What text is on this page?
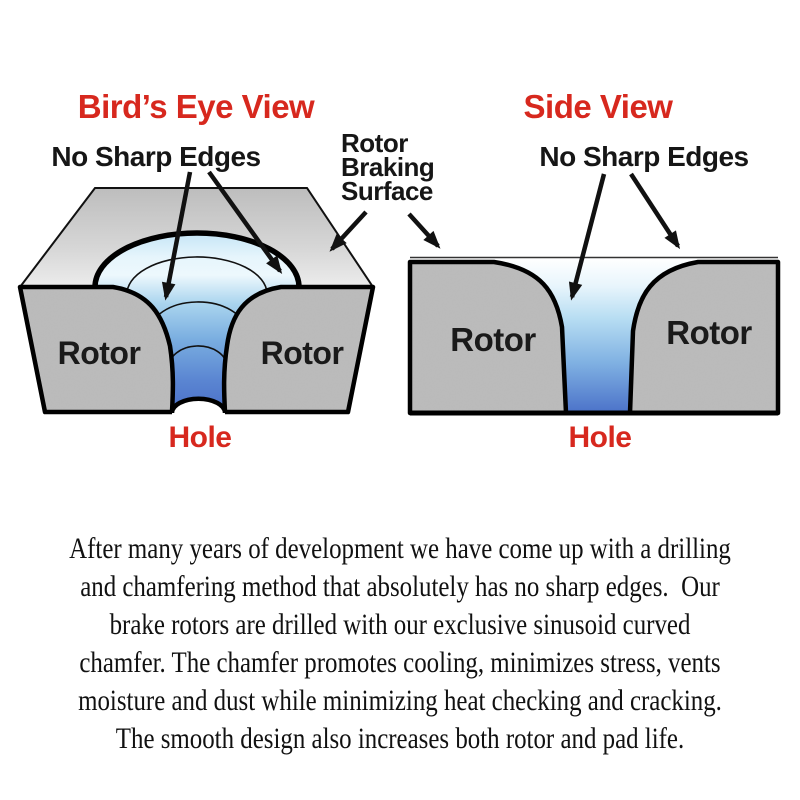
Rotor	Rotor
Hole
Rotor	Rotor
Hole
Bird’s Eye View	Side View
No Sharp Edges	No Sharp Edges
Rotor
Braking
Surface
After many years of development we have come up with a drilling
and chamfering method that absolutely has no sharp edges.  Our
brake rotors are drilled with our exclusive sinusoid curved
chamfer. The chamfer promotes cooling, minimizes stress, vents
moisture and dust while minimizing heat checking and cracking.
The smooth design also increases both rotor and pad life.
